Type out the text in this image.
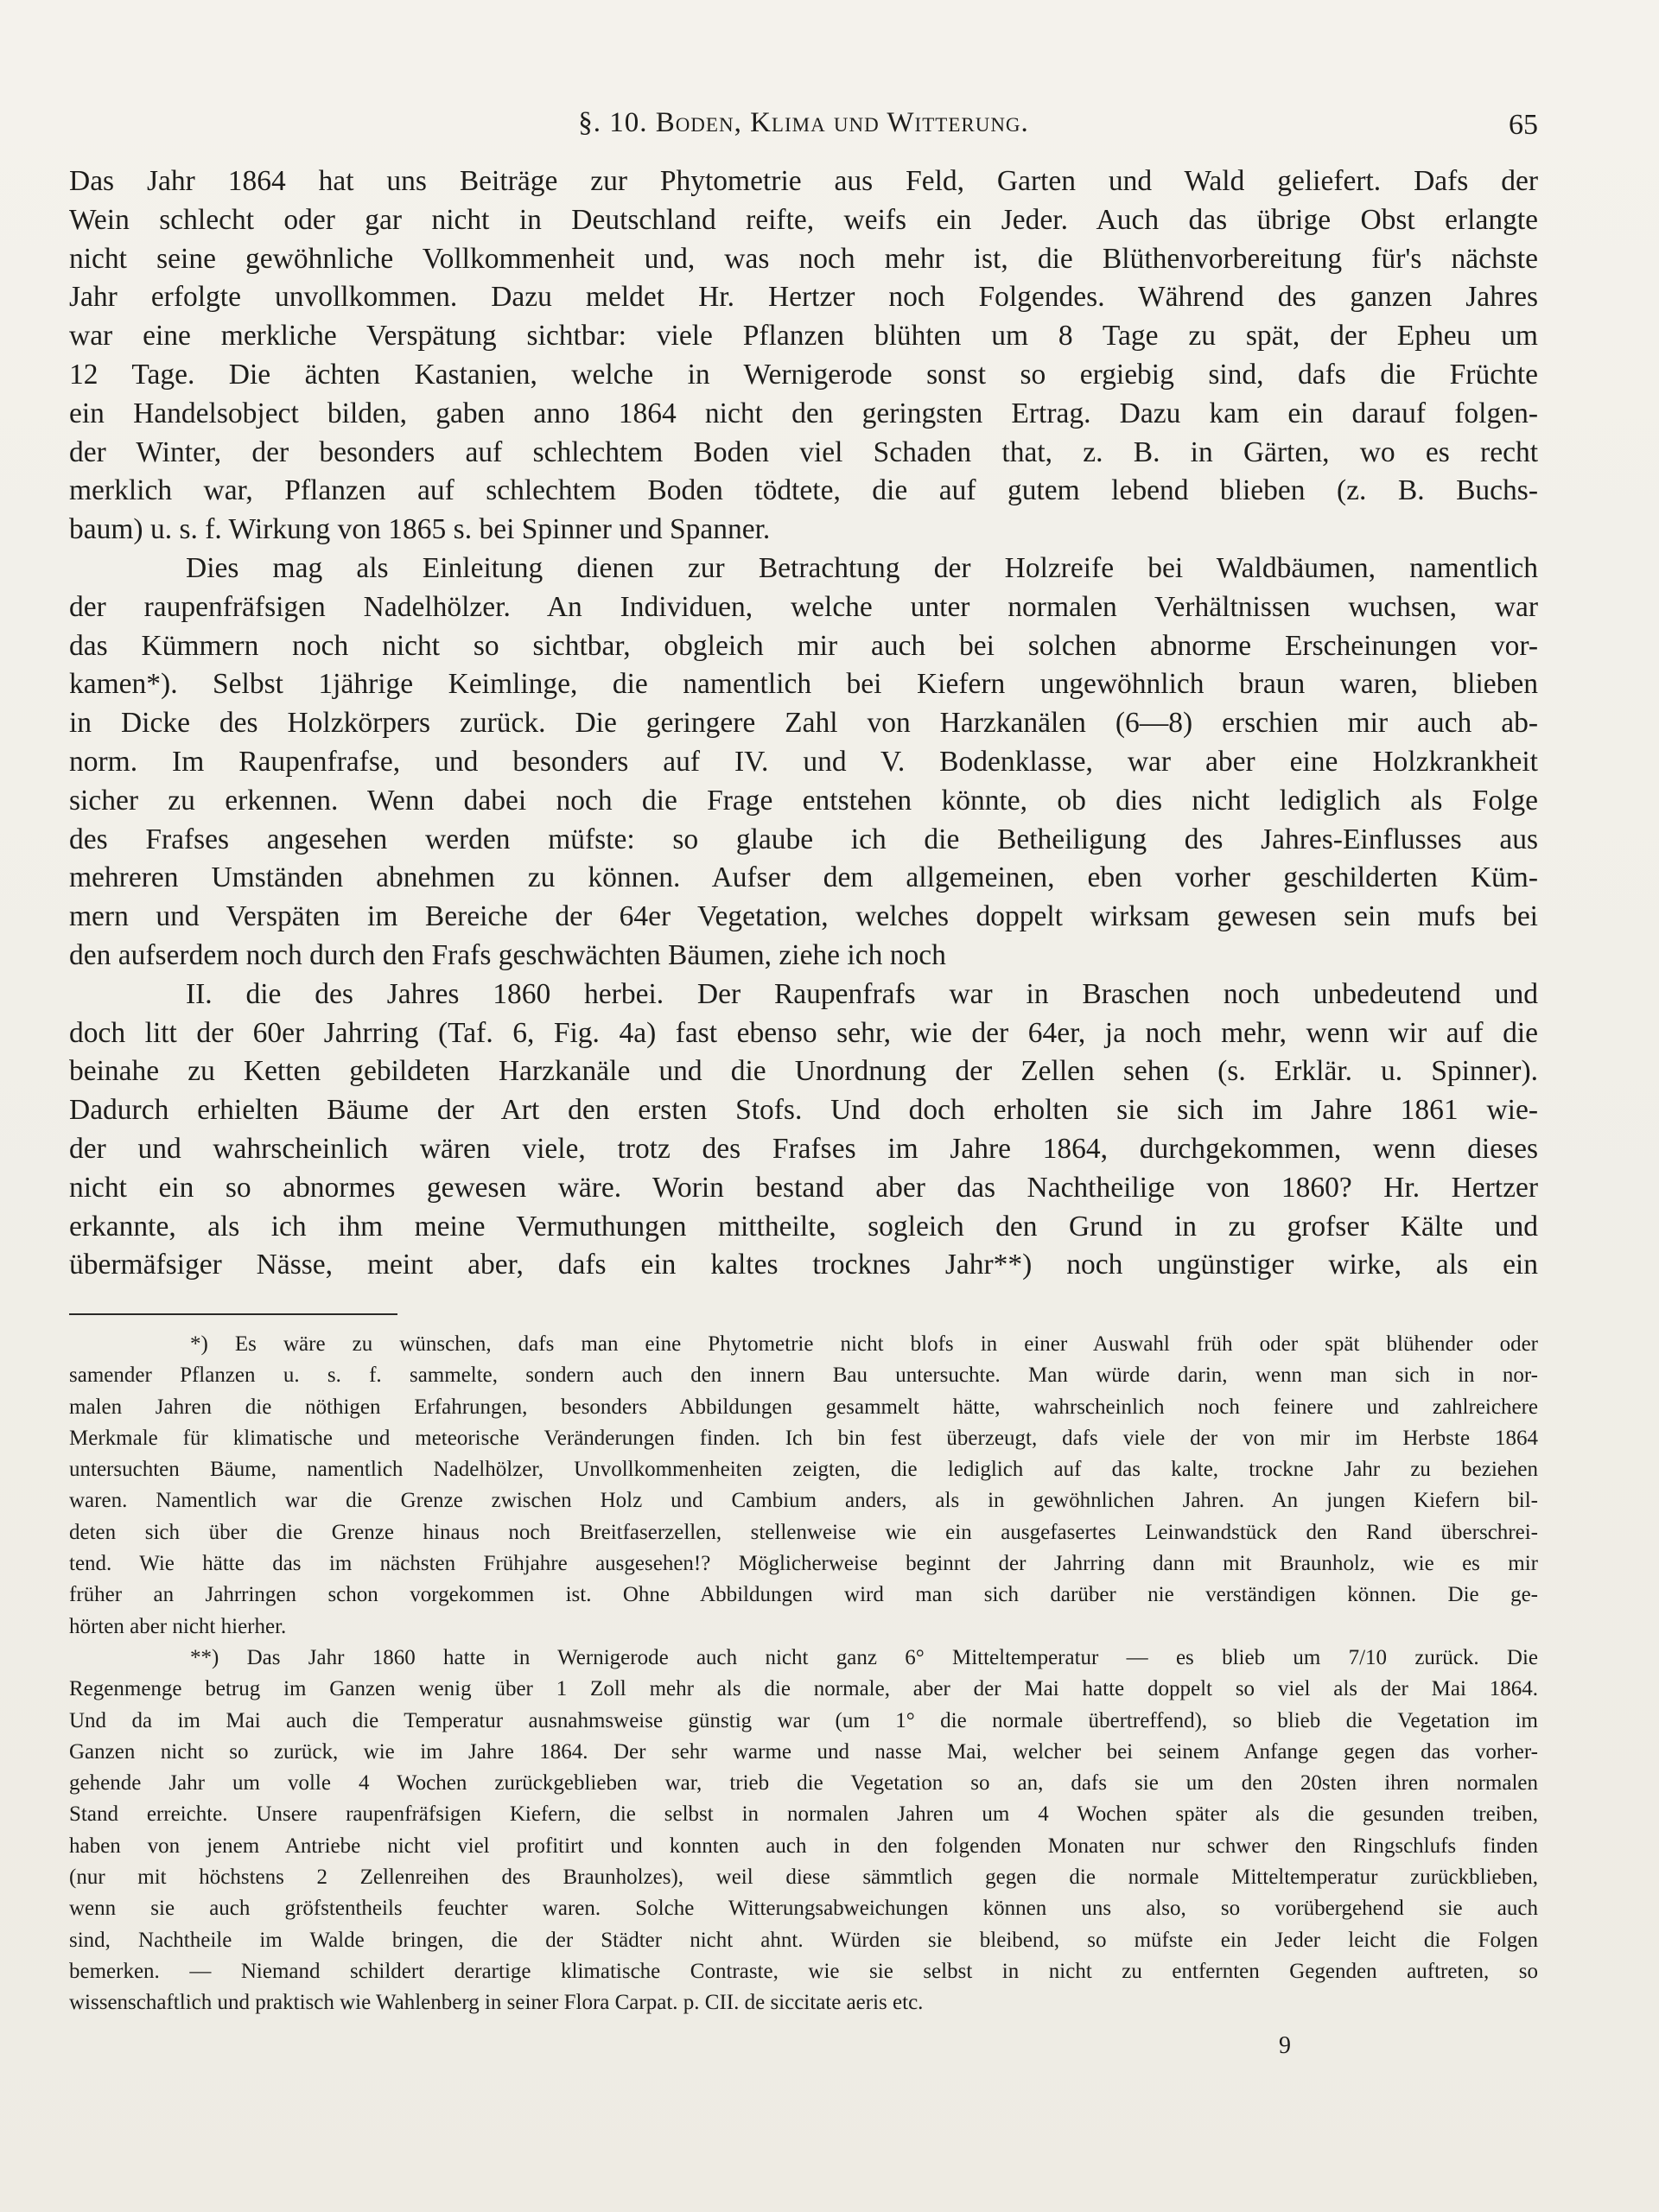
§. 10. Boden, Klima und Witterung.	65
Das Jahr 1864 hat uns Beiträge zur Phytometrie aus Feld, Garten und Wald geliefert. Dafs der
Wein schlecht oder gar nicht in Deutschland reifte, weifs ein Jeder. Auch das übrige Obst erlangte
nicht seine gewöhnliche Vollkommenheit und, was noch mehr ist, die Blüthenvorbereitung für's nächste
Jahr erfolgte unvollkommen. Dazu meldet Hr. Hertzer noch Folgendes. Während des ganzen Jahres
war eine merkliche Verspätung sichtbar: viele Pflanzen blühten um 8 Tage zu spät, der Epheu um
12 Tage. Die ächten Kastanien, welche in Wernigerode sonst so ergiebig sind, dafs die Früchte
ein Handelsobject bilden, gaben anno 1864 nicht den geringsten Ertrag. Dazu kam ein darauf folgen-
der Winter, der besonders auf schlechtem Boden viel Schaden that, z. B. in Gärten, wo es recht
merklich war, Pflanzen auf schlechtem Boden tödtete, die auf gutem lebend blieben (z. B. Buchs-
baum) u. s. f. Wirkung von 1865 s. bei Spinner und Spanner.
Dies mag als Einleitung dienen zur Betrachtung der Holzreife bei Waldbäumen, namentlich
der raupenfräfsigen Nadelhölzer. An Individuen, welche unter normalen Verhältnissen wuchsen, war
das Kümmern noch nicht so sichtbar, obgleich mir auch bei solchen abnorme Erscheinungen vor-
kamen*). Selbst 1jährige Keimlinge, die namentlich bei Kiefern ungewöhnlich braun waren, blieben
in Dicke des Holzkörpers zurück. Die geringere Zahl von Harzkanälen (6—8) erschien mir auch ab-
norm. Im Raupenfrafse, und besonders auf IV. und V. Bodenklasse, war aber eine Holzkrankheit
sicher zu erkennen. Wenn dabei noch die Frage entstehen könnte, ob dies nicht lediglich als Folge
des Frafses angesehen werden müfste: so glaube ich die Betheiligung des Jahres-Einflusses aus
mehreren Umständen abnehmen zu können. Aufser dem allgemeinen, eben vorher geschilderten Küm-
mern und Verspäten im Bereiche der 64er Vegetation, welches doppelt wirksam gewesen sein mufs bei
den aufserdem noch durch den Frafs geschwächten Bäumen, ziehe ich noch
II. die des Jahres 1860 herbei. Der Raupenfrafs war in Braschen noch unbedeutend und
doch litt der 60er Jahrring (Taf. 6, Fig. 4a) fast ebenso sehr, wie der 64er, ja noch mehr, wenn wir auf die
beinahe zu Ketten gebildeten Harzkanäle und die Unordnung der Zellen sehen (s. Erklär. u. Spinner).
Dadurch erhielten Bäume der Art den ersten Stofs. Und doch erholten sie sich im Jahre 1861 wie-
der und wahrscheinlich wären viele, trotz des Frafses im Jahre 1864, durchgekommen, wenn dieses
nicht ein so abnormes gewesen wäre. Worin bestand aber das Nachtheilige von 1860? Hr. Hertzer
erkannte, als ich ihm meine Vermuthungen mittheilte, sogleich den Grund in zu grofser Kälte und
übermäfsiger Nässe, meint aber, dafs ein kaltes trocknes Jahr**) noch ungünstiger wirke, als ein
*) Es wäre zu wünschen, dafs man eine Phytometrie nicht blofs in einer Auswahl früh oder spät blühender oder
samender Pflanzen u. s. f. sammelte, sondern auch den innern Bau untersuchte. Man würde darin, wenn man sich in nor-
malen Jahren die nöthigen Erfahrungen, besonders Abbildungen gesammelt hätte, wahrscheinlich noch feinere und zahlreichere
Merkmale für klimatische und meteorische Veränderungen finden. Ich bin fest überzeugt, dafs viele der von mir im Herbste 1864
untersuchten Bäume, namentlich Nadelhölzer, Unvollkommenheiten zeigten, die lediglich auf das kalte, trockne Jahr zu beziehen
waren. Namentlich war die Grenze zwischen Holz und Cambium anders, als in gewöhnlichen Jahren. An jungen Kiefern bil-
deten sich über die Grenze hinaus noch Breitfaserzellen, stellenweise wie ein ausgefasertes Leinwandstück den Rand überschrei-
tend. Wie hätte das im nächsten Frühjahre ausgesehen!? Möglicherweise beginnt der Jahrring dann mit Braunholz, wie es mir
früher an Jahrringen schon vorgekommen ist. Ohne Abbildungen wird man sich darüber nie verständigen können. Die ge-
hörten aber nicht hierher.
**) Das Jahr 1860 hatte in Wernigerode auch nicht ganz 6° Mitteltemperatur — es blieb um 7/10 zurück. Die
Regenmenge betrug im Ganzen wenig über 1 Zoll mehr als die normale, aber der Mai hatte doppelt so viel als der Mai 1864.
Und da im Mai auch die Temperatur ausnahmsweise günstig war (um 1° die normale übertreffend), so blieb die Vegetation im
Ganzen nicht so zurück, wie im Jahre 1864. Der sehr warme und nasse Mai, welcher bei seinem Anfange gegen das vorher-
gehende Jahr um volle 4 Wochen zurückgeblieben war, trieb die Vegetation so an, dafs sie um den 20sten ihren normalen
Stand erreichte. Unsere raupenfräfsigen Kiefern, die selbst in normalen Jahren um 4 Wochen später als die gesunden treiben,
haben von jenem Antriebe nicht viel profitirt und konnten auch in den folgenden Monaten nur schwer den Ringschlufs finden
(nur mit höchstens 2 Zellenreihen des Braunholzes), weil diese sämmtlich gegen die normale Mitteltemperatur zurückblieben,
wenn sie auch gröfstentheils feuchter waren. Solche Witterungsabweichungen können uns also, so vorübergehend sie auch
sind, Nachtheile im Walde bringen, die der Städter nicht ahnt. Würden sie bleibend, so müfste ein Jeder leicht die Folgen
bemerken. — Niemand schildert derartige klimatische Contraste, wie sie selbst in nicht zu entfernten Gegenden auftreten, so
wissenschaftlich und praktisch wie Wahlenberg in seiner Flora Carpat. p. CII. de siccitate aeris etc.
9
